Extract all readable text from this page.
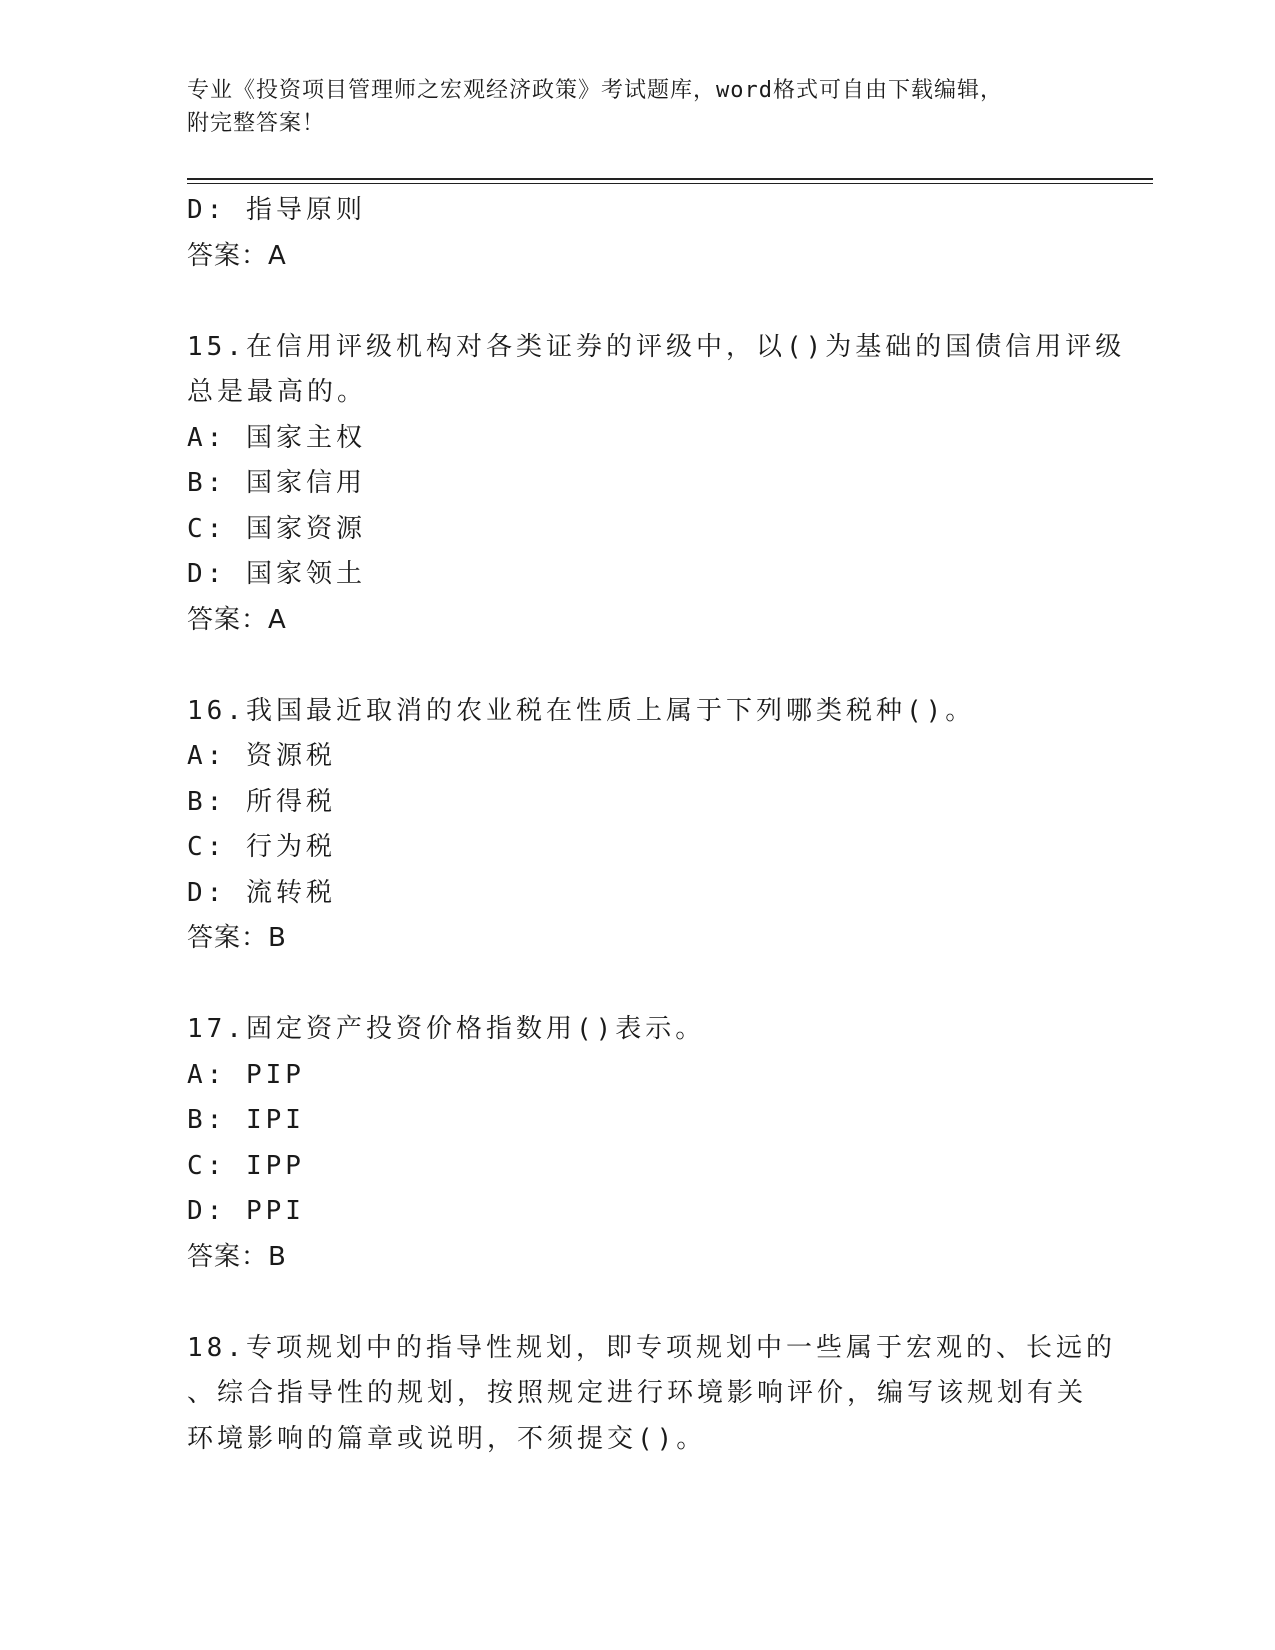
专业《投资项目管理师之宏观经济政策》考试题库，word格式可自由下载编辑，
附完整答案！

D: 指导原则

答案：A

15.在信用评级机构对各类证券的评级中，以()为基础的国债信用评级

总是最高的。

A: 国家主权

B: 国家信用

C: 国家资源

D: 国家领土

答案：A

16.我国最近取消的农业税在性质上属于下列哪类税种()。

A: 资源税

B: 所得税

C: 行为税

D: 流转税

答案：B

17.固定资产投资价格指数用()表示。

A: PIP

B: IPI

C: IPP

D: PPI

答案：B

18.专项规划中的指导性规划，即专项规划中一些属于宏观的、长远的

、综合指导性的规划，按照规定进行环境影响评价，编写该规划有关

环境影响的篇章或说明，不须提交()。
